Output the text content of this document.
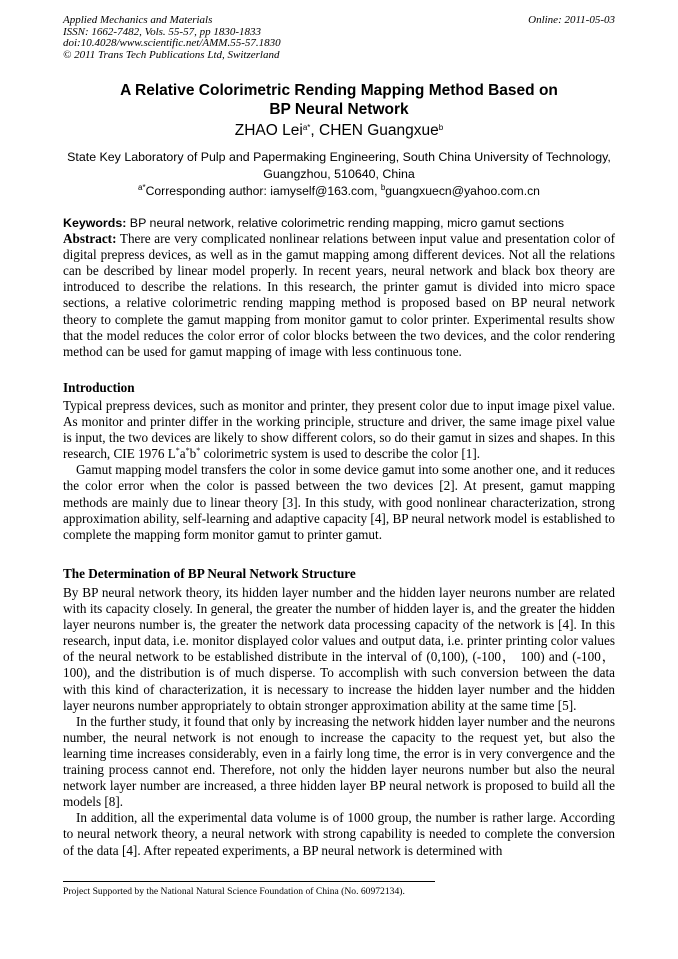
Applied Mechanics and Materials
ISSN: 1662-7482, Vols. 55-57, pp 1830-1833
doi:10.4028/www.scientific.net/AMM.55-57.1830
© 2011 Trans Tech Publications Ltd, Switzerland
Online: 2011-05-03
A Relative Colorimetric Rending Mapping Method Based on
BP Neural Network
ZHAO Lei$^{a*}$, CHEN Guangxue$^b$
State Key Laboratory of Pulp and Papermaking Engineering, South China University of Technology,
Guangzhou, 510640, China
$^{a*}$Corresponding author: iamyself@163.com, $^b$guangxuecn@yahoo.com.cn

Keywords: BP neural network, relative colorimetric rending mapping, micro gamut sections

Abstract: There are very complicated nonlinear relations between input value and presentation color of digital prepress devices, as well as in the gamut mapping among different devices. Not all the relations can be described by linear model properly. In recent years, neural network and black box theory are introduced to describe the relations. In this research, the printer gamut is divided into micro space sections, a relative colorimetric rending mapping method is proposed based on BP neural network theory to complete the gamut mapping from monitor gamut to color printer. Experimental results show that the model reduces the color error of color blocks between the two devices, and the color rendering method can be used for gamut mapping of image with less continuous tone.

Introduction

Typical prepress devices, such as monitor and printer, they present color due to input image pixel value. As monitor and printer differ in the working principle, structure and driver, the same image pixel value is input, the two devices are likely to show different colors, so do their gamut in sizes and shapes. In this research, CIE 1976 L*a*b* colorimetric system is used to describe the color [1].

Gamut mapping model transfers the color in some device gamut into some another one, and it reduces the color error when the color is passed between the two devices [2]. At present, gamut mapping methods are mainly due to linear theory [3]. In this study, with good nonlinear characterization, strong approximation ability, self-learning and adaptive capacity [4], BP neural network model is established to complete the mapping form monitor gamut to printer gamut.

The Determination of BP Neural Network Structure

By BP neural network theory, its hidden layer number and the hidden layer neurons number are related with its capacity closely. In general, the greater the number of hidden layer is, and the greater the hidden layer neurons number is, the greater the network data processing capacity of the network is [4]. In this research, input data, i.e. monitor displayed color values and output data, i.e. printer printing color values of the neural network to be established distribute in the interval of (0,100), (-100， 100) and (-100， 100), and the distribution is of much disperse. To accomplish with such conversion between the data with this kind of characterization, it is necessary to increase the hidden layer number and the hidden layer neurons number appropriately to obtain stronger approximation ability at the same time [5].

In the further study, it found that only by increasing the network hidden layer number and the neurons number, the neural network is not enough to increase the capacity to the request yet, but also the learning time increases considerably, even in a fairly long time, the error is in very convergence and the training process cannot end. Therefore, not only the hidden layer neurons number but also the neural network layer number are increased, a three hidden layer BP neural network is proposed to build all the models [8].

In addition, all the experimental data volume is of 1000 group, the number is rather large. According to neural network theory, a neural network with strong capability is needed to complete the conversion of the data [4]. After repeated experiments, a BP neural network is determined with

Project Supported by the National Natural Science Foundation of China (No. 60972134).
